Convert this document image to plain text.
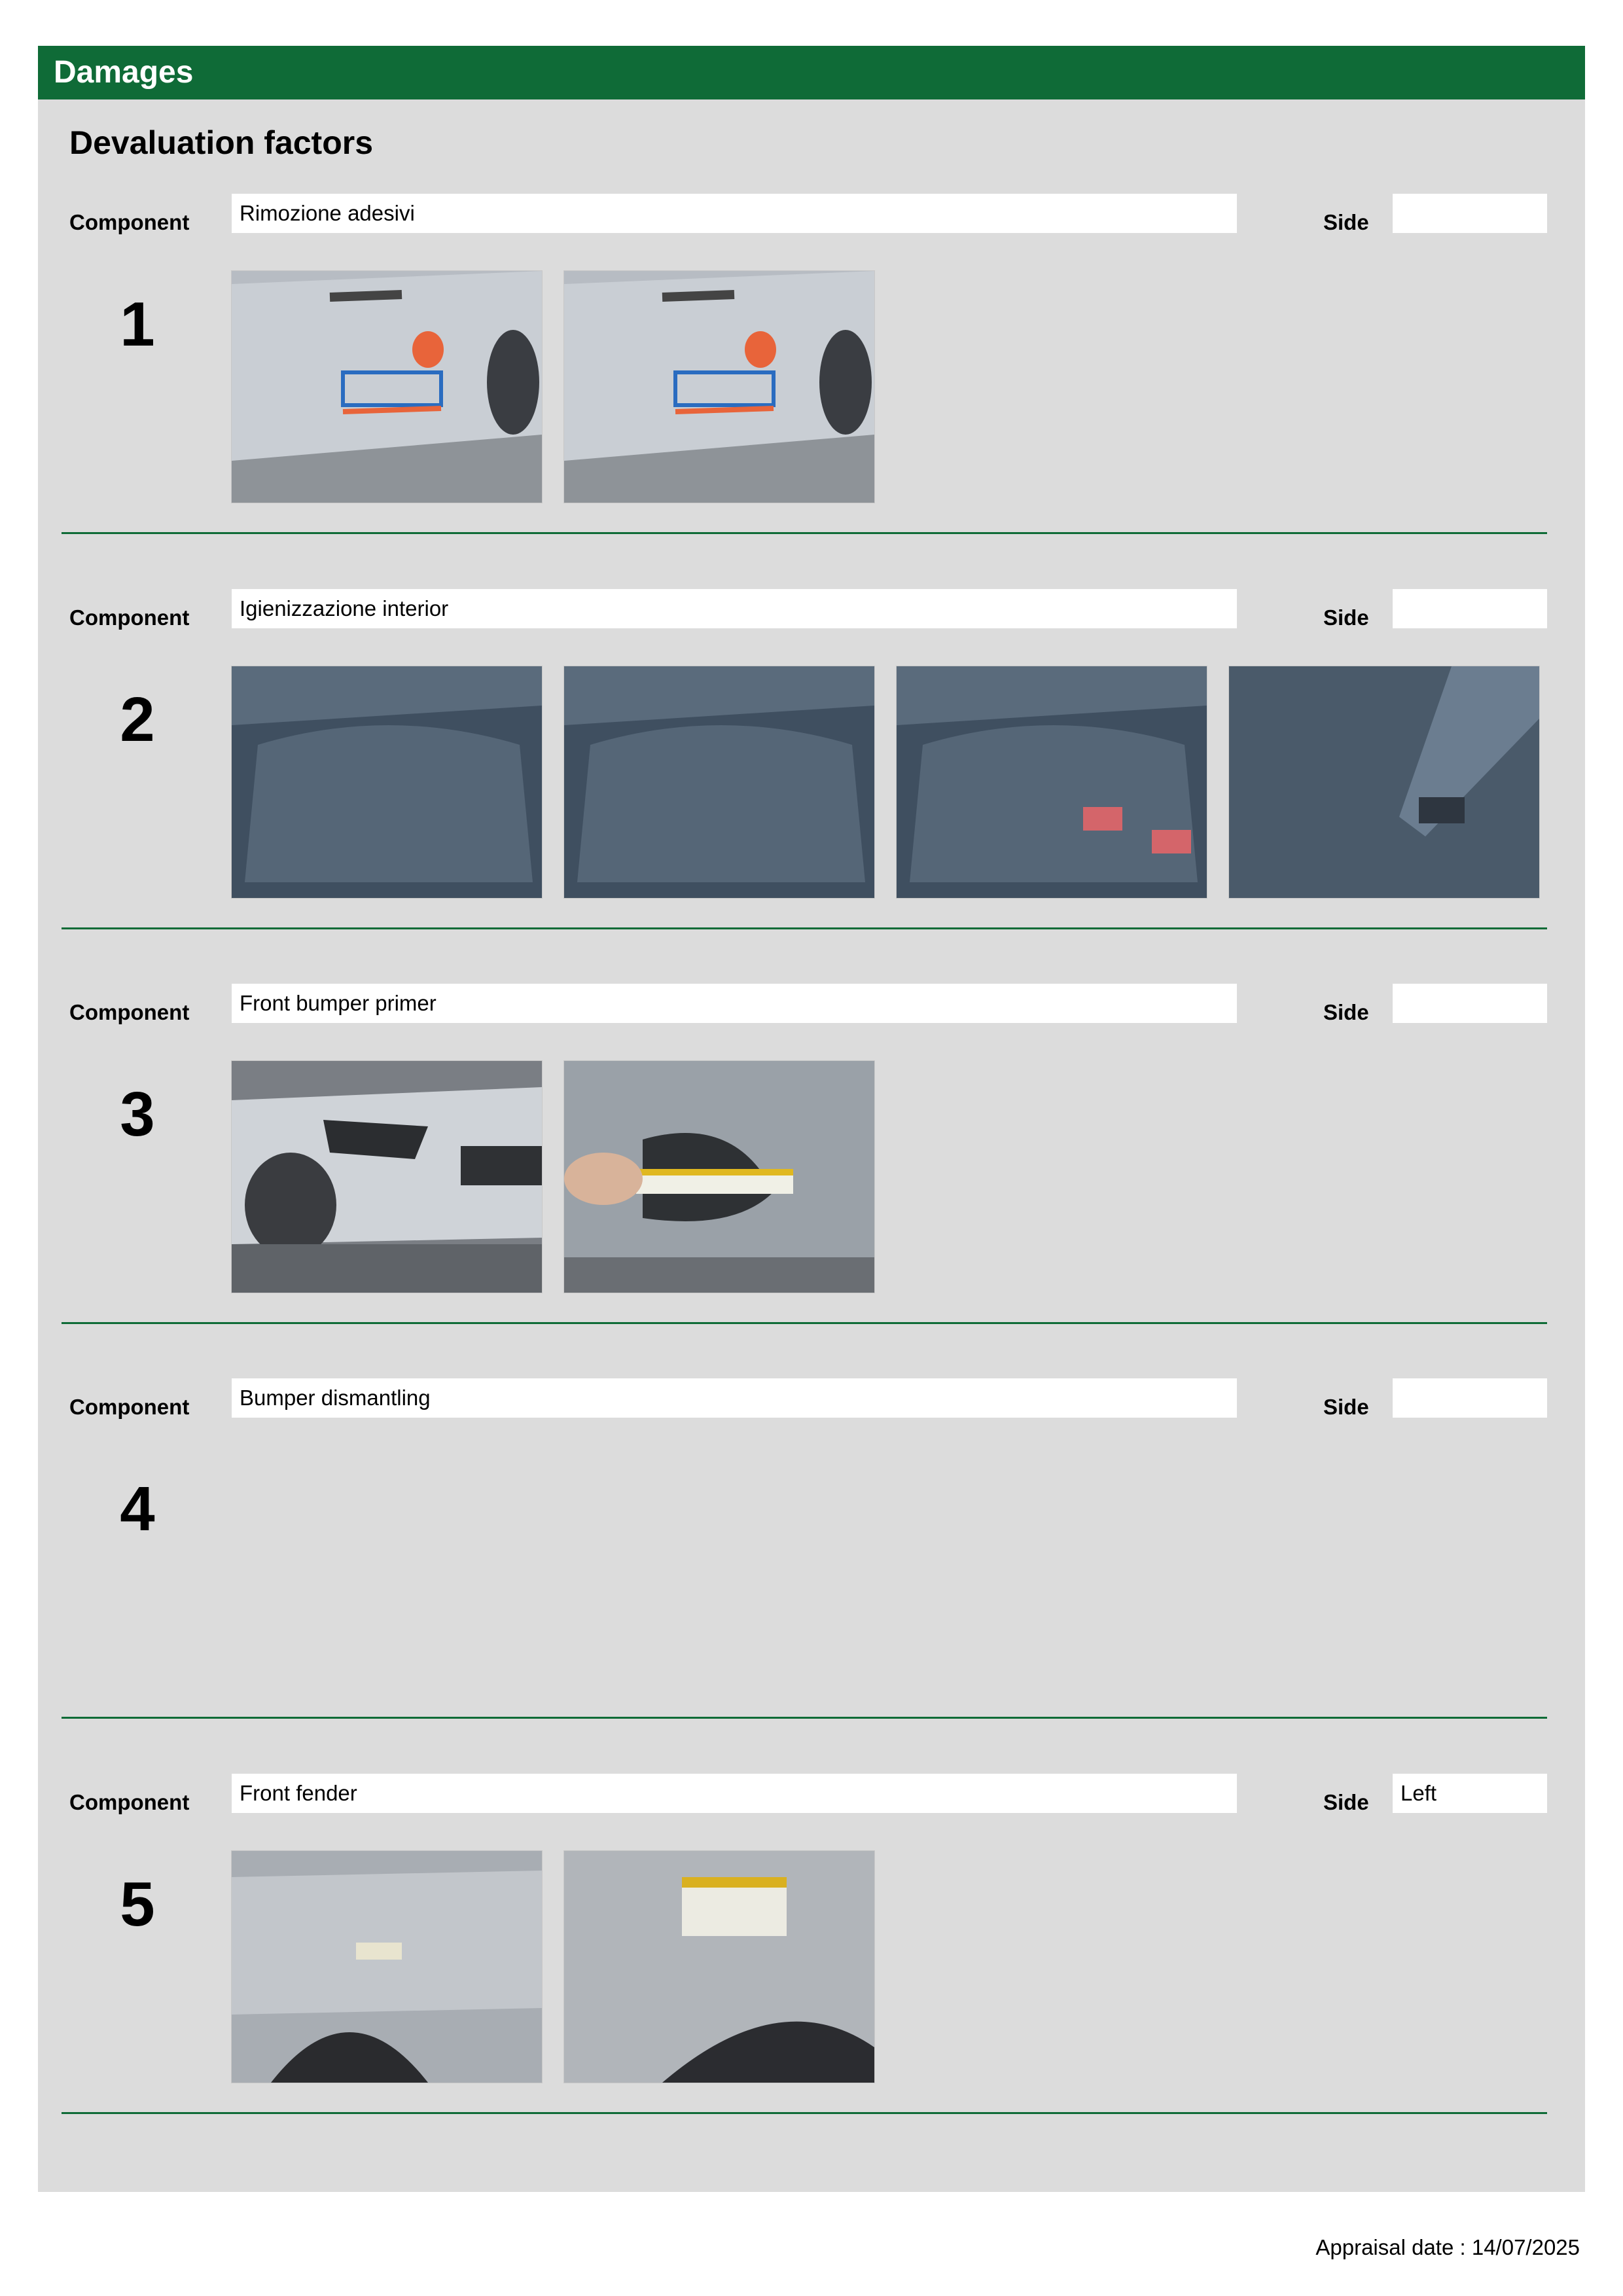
Damages
Devaluation factors
Component	Rimozione adesivi	Side
1
Component	Igienizzazione interior	Side
2
Component	Front bumper primer	Side
3
Component	Bumper dismantling	Side
4
Component	Front fender	Side	Left
5
Appraisal date : 14/07/2025
